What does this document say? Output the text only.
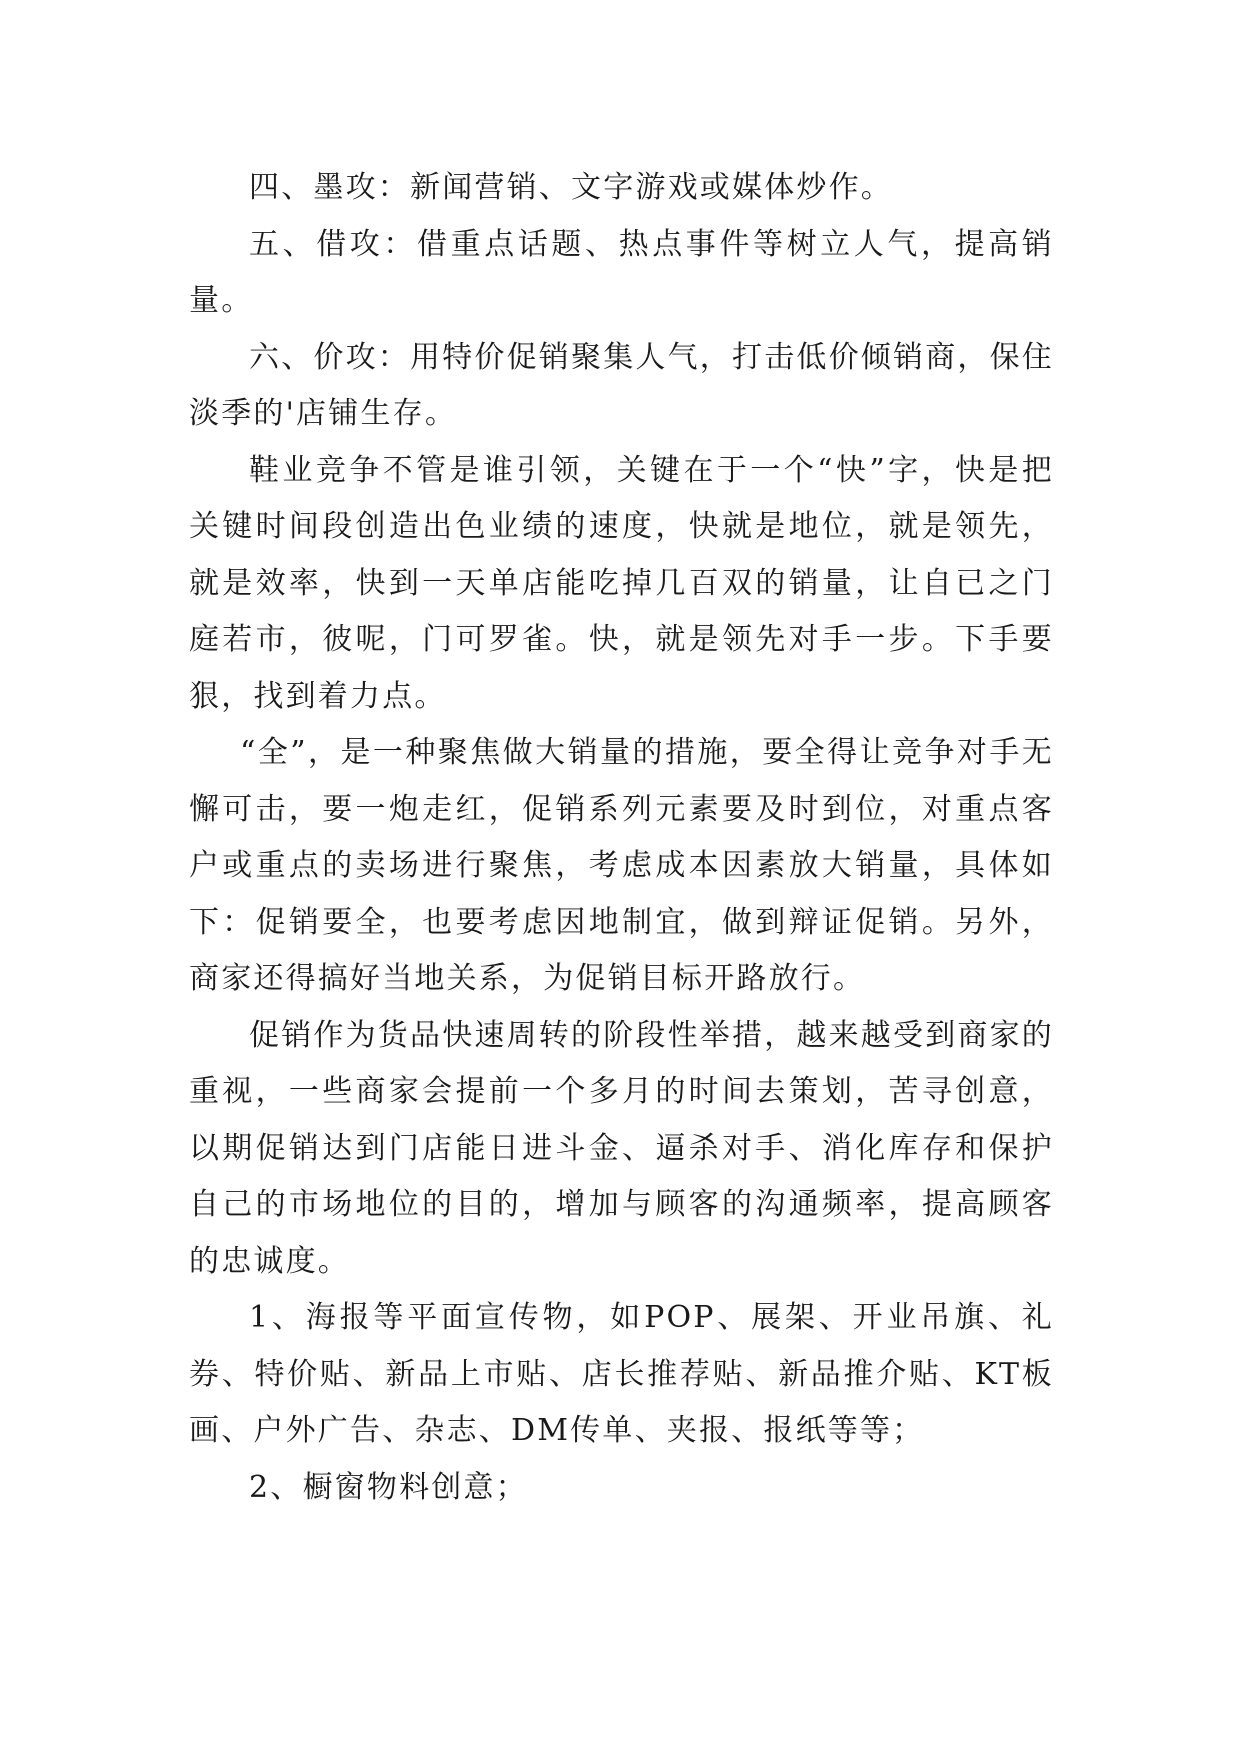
四、墨攻：新闻营销、文字游戏或媒体炒作。

五、借攻：借重点话题、热点事件等树立人气，提高销量。

六、价攻：用特价促销聚集人气，打击低价倾销商，保住淡季的'店铺生存。

鞋业竞争不管是谁引领，关键在于一个“快”字，快是把关键时间段创造出色业绩的速度，快就是地位，就是领先，就是效率，快到一天单店能吃掉几百双的销量，让自已之门庭若市，彼呢，门可罗雀。快，就是领先对手一步。下手要狠，找到着力点。

“全”，是一种聚焦做大销量的措施，要全得让竞争对手无懈可击，要一炮走红，促销系列元素要及时到位，对重点客户或重点的卖场进行聚焦，考虑成本因素放大销量，具体如下：促销要全，也要考虑因地制宜，做到辩证促销。另外，商家还得搞好当地关系，为促销目标开路放行。

促销作为货品快速周转的阶段性举措，越来越受到商家的重视，一些商家会提前一个多月的时间去策划，苦寻创意，以期促销达到门店能日进斗金、逼杀对手、消化库存和保护自己的市场地位的目的，增加与顾客的沟通频率，提高顾客的忠诚度。

1、海报等平面宣传物，如POP、展架、开业吊旗、礼券、特价贴、新品上市贴、店长推荐贴、新品推介贴、KT板画、户外广告、杂志、DM传单、夹报、报纸等等；

2、橱窗物料创意；
